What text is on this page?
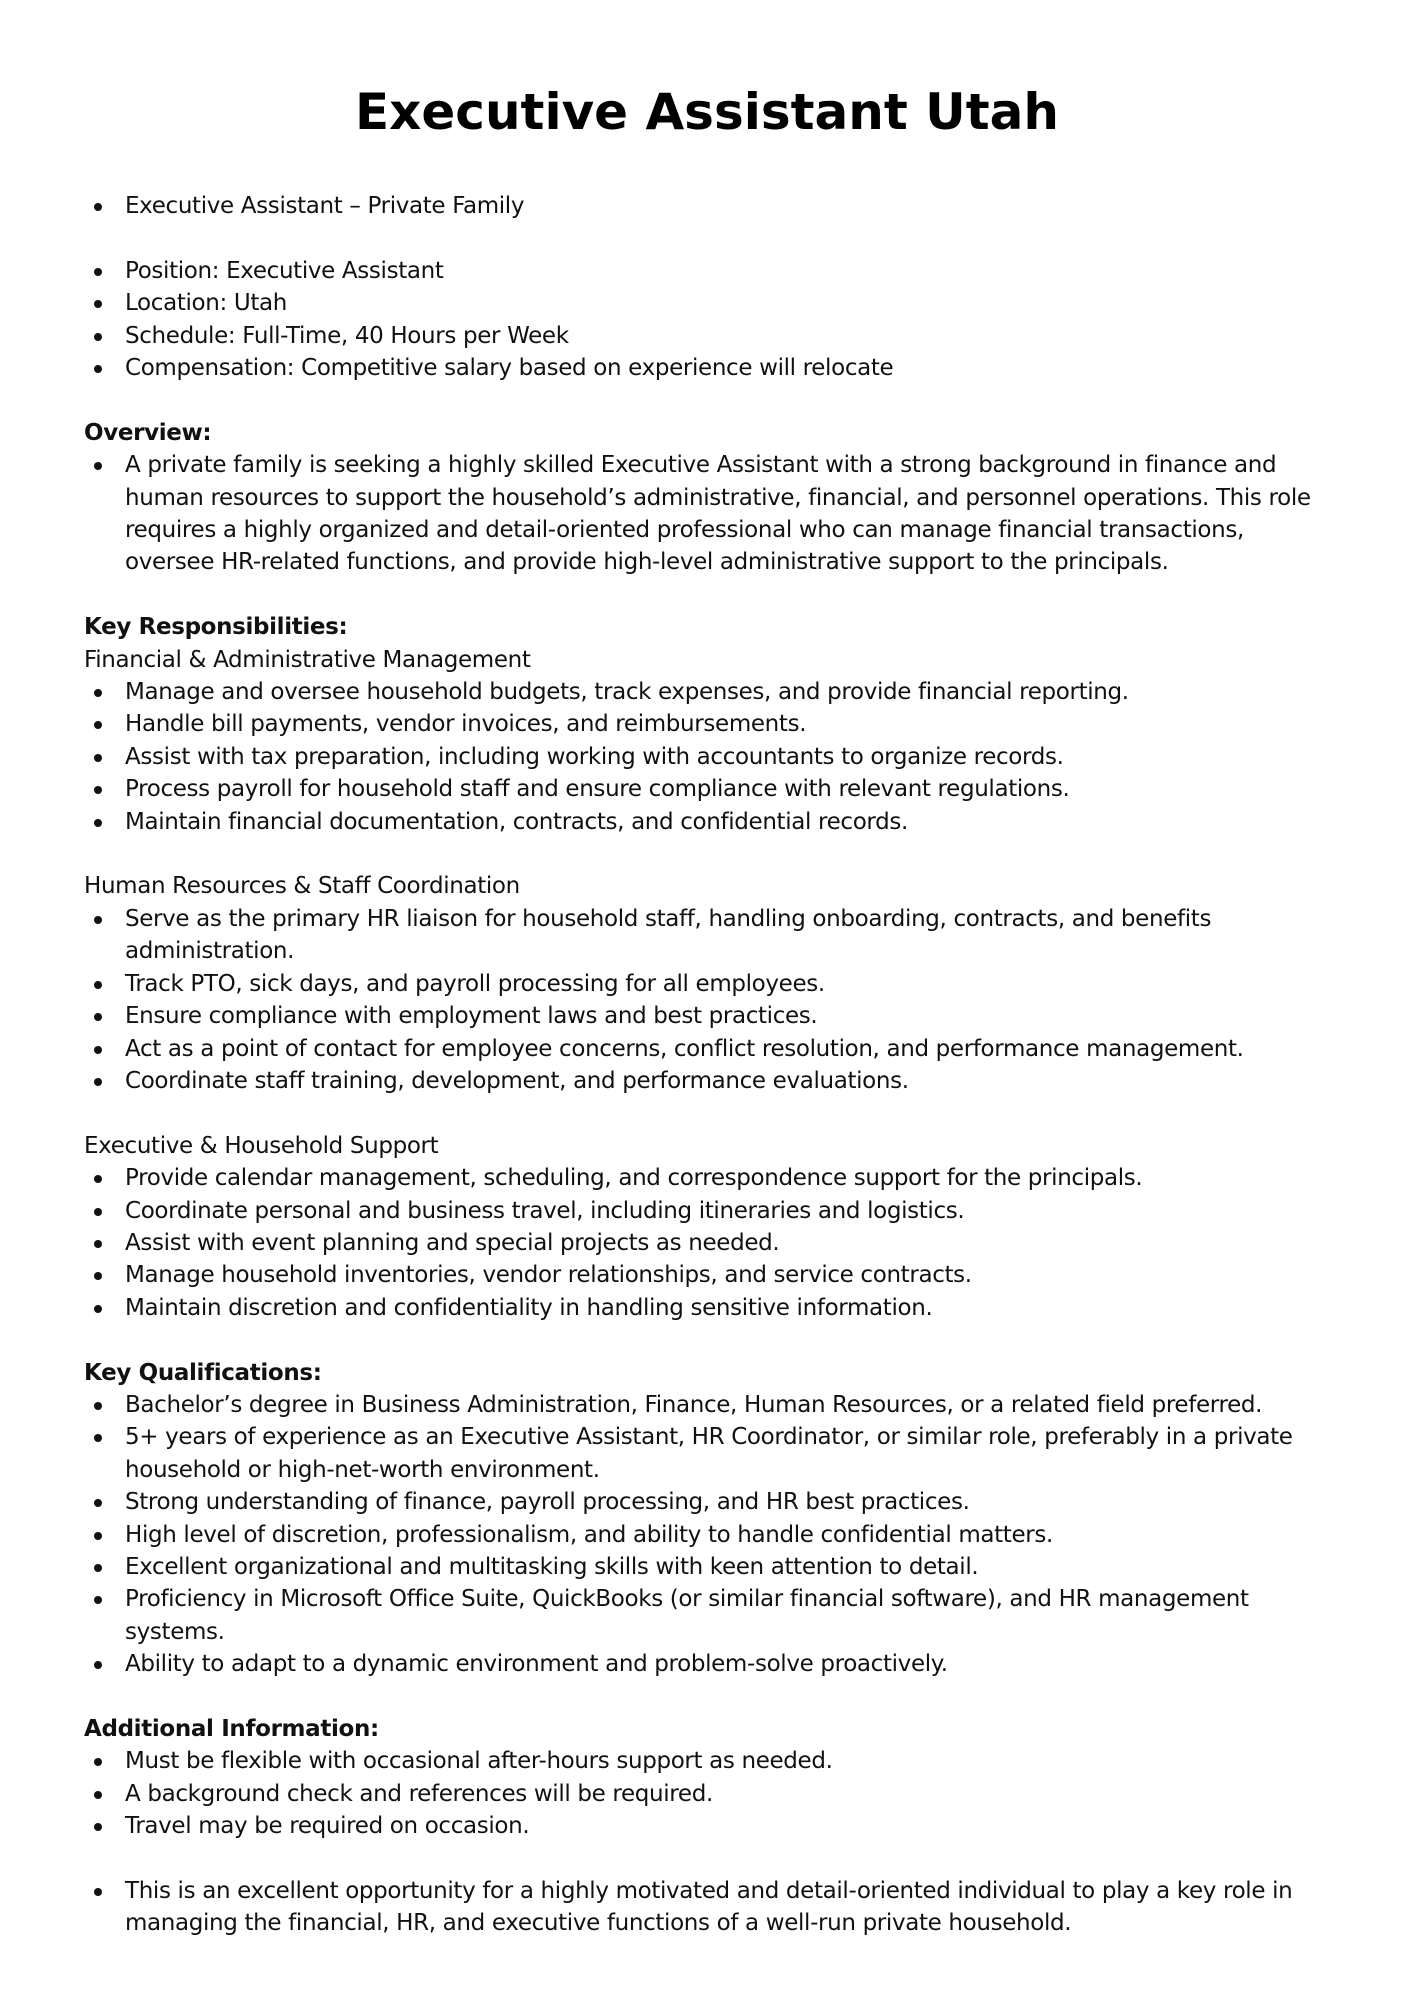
Executive Assistant Utah
Executive Assistant – Private Family
Position: Executive Assistant
Location: Utah
Schedule: Full-Time, 40 Hours per Week
Compensation: Competitive salary based on experience will relocate
Overview:
A private family is seeking a highly skilled Executive Assistant with a strong background in finance and human resources to support the household’s administrative, financial, and personnel operations. This role requires a highly organized and detail-oriented professional who can manage financial transactions, oversee HR-related functions, and provide high-level administrative support to the principals.
Key Responsibilities:
Financial & Administrative Management
Manage and oversee household budgets, track expenses, and provide financial reporting.
Handle bill payments, vendor invoices, and reimbursements.
Assist with tax preparation, including working with accountants to organize records.
Process payroll for household staff and ensure compliance with relevant regulations.
Maintain financial documentation, contracts, and confidential records.
Human Resources & Staff Coordination
Serve as the primary HR liaison for household staff, handling onboarding, contracts, and benefits administration.
Track PTO, sick days, and payroll processing for all employees.
Ensure compliance with employment laws and best practices.
Act as a point of contact for employee concerns, conflict resolution, and performance management.
Coordinate staff training, development, and performance evaluations.
Executive & Household Support
Provide calendar management, scheduling, and correspondence support for the principals.
Coordinate personal and business travel, including itineraries and logistics.
Assist with event planning and special projects as needed.
Manage household inventories, vendor relationships, and service contracts.
Maintain discretion and confidentiality in handling sensitive information.
Key Qualifications:
Bachelor’s degree in Business Administration, Finance, Human Resources, or a related field preferred.
5+ years of experience as an Executive Assistant, HR Coordinator, or similar role, preferably in a private household or high-net-worth environment.
Strong understanding of finance, payroll processing, and HR best practices.
High level of discretion, professionalism, and ability to handle confidential matters.
Excellent organizational and multitasking skills with keen attention to detail.
Proficiency in Microsoft Office Suite, QuickBooks (or similar financial software), and HR management systems.
Ability to adapt to a dynamic environment and problem-solve proactively.
Additional Information:
Must be flexible with occasional after-hours support as needed.
A background check and references will be required.
Travel may be required on occasion.
This is an excellent opportunity for a highly motivated and detail-oriented individual to play a key role in managing the financial, HR, and executive functions of a well-run private household.
